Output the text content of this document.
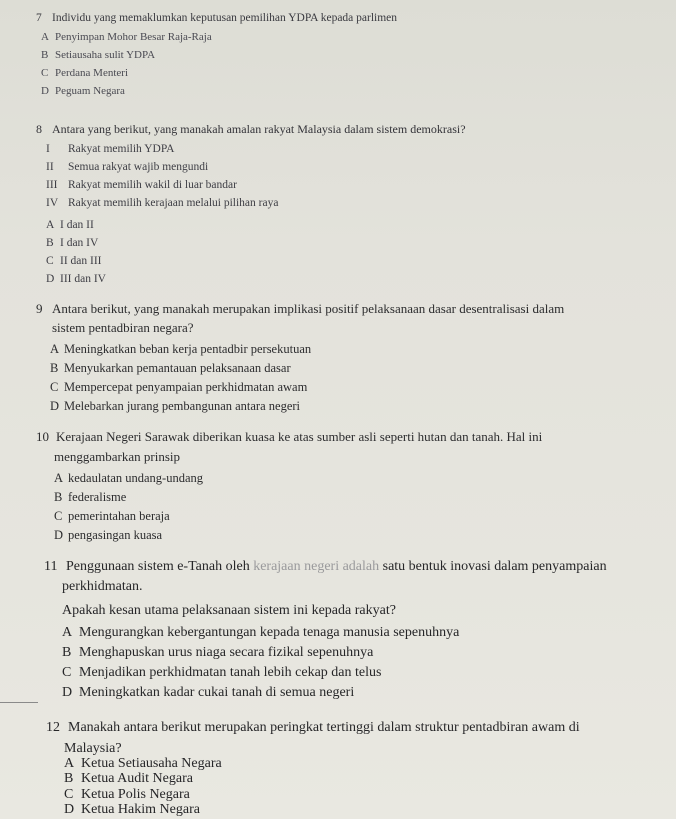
7 Individu yang memaklumkan keputusan pemilihan YDPA kepada parlimen
A Penyimpan Mohor Besar Raja-Raja
B Setiausaha sulit YDPA
C Perdana Menteri
D Peguam Negara
8 Antara yang berikut, yang manakah amalan rakyat Malaysia dalam sistem demokrasi?
I Rakyat memilih YDPA
II Semua rakyat wajib mengundi
III Rakyat memilih wakil di luar bandar
IV Rakyat memilih kerajaan melalui pilihan raya
A I dan II
B I dan IV
C II dan III
D III dan IV
9 Antara berikut, yang manakah merupakan implikasi positif pelaksanaan dasar desentralisasi dalam
sistem pentadbiran negara?
A Meningkatkan beban kerja pentadbir persekutuan
B Menyukarkan pemantauan pelaksanaan dasar
C Mempercepat penyampaian perkhidmatan awam
D Melebarkan jurang pembangunan antara negeri
10 Kerajaan Negeri Sarawak diberikan kuasa ke atas sumber asli seperti hutan dan tanah. Hal ini
menggambarkan prinsip
A kedaulatan undang-undang
B federalisme
C pemerintahan beraja
D pengasingan kuasa
11 Penggunaan sistem e-Tanah oleh kerajaan negeri adalah satu bentuk inovasi dalam penyampaian
perkhidmatan.
Apakah kesan utama pelaksanaan sistem ini kepada rakyat?
A Mengurangkan kebergantungan kepada tenaga manusia sepenuhnya
B Menghapuskan urus niaga secara fizikal sepenuhnya
C Menjadikan perkhidmatan tanah lebih cekap dan telus
D Meningkatkan kadar cukai tanah di semua negeri
12 Manakah antara berikut merupakan peringkat tertinggi dalam struktur pentadbiran awam di
Malaysia?
A Ketua Setiausaha Negara
B Ketua Audit Negara
C Ketua Polis Negara
D Ketua Hakim Negara
